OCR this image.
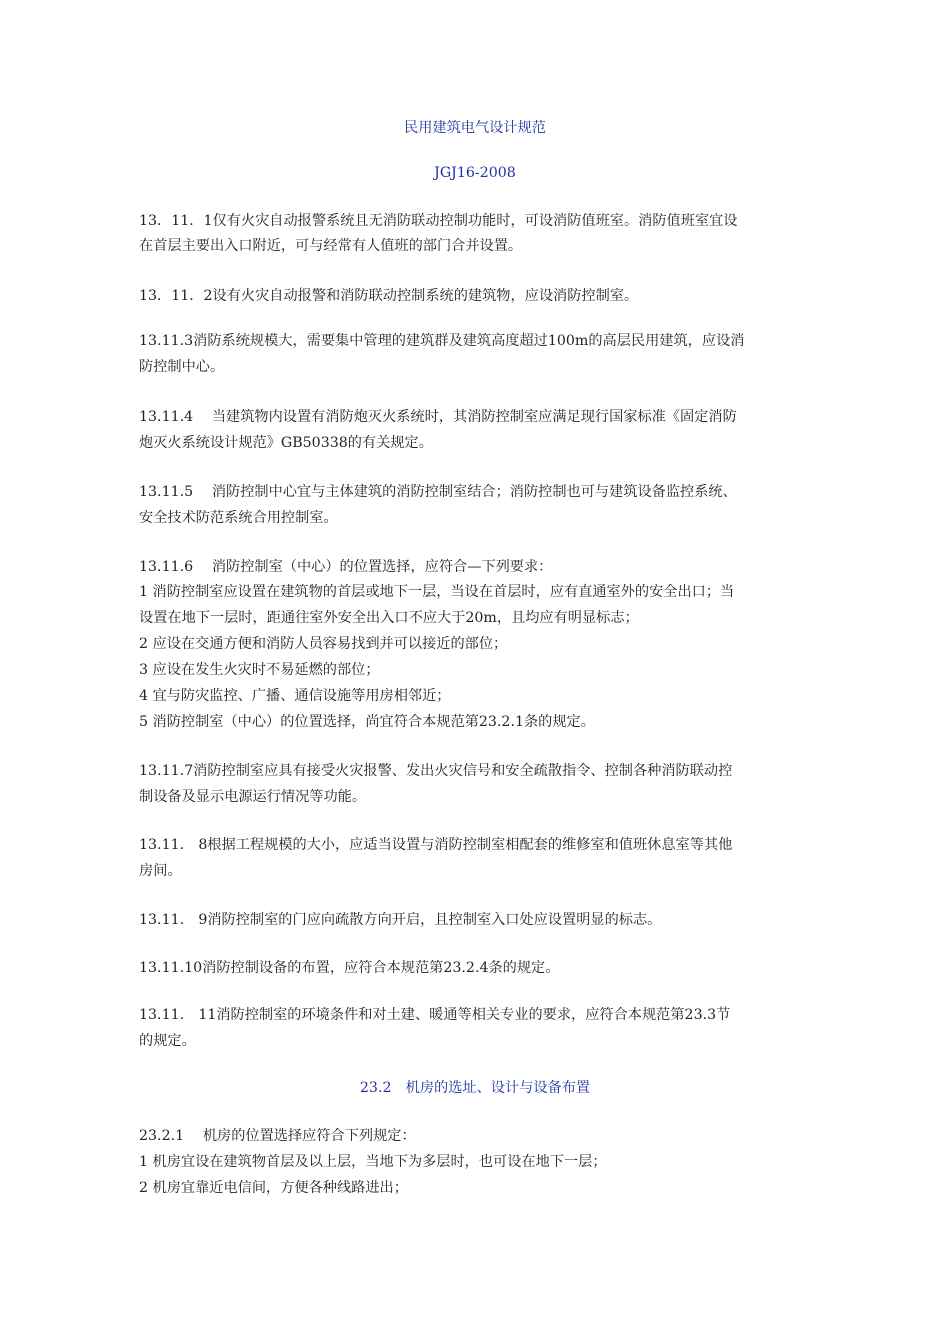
民用建筑电气设计规范
JGJ16-2008
13．11．1仅有火灾自动报警系统且无消防联动控制功能时，可设消防值班室。消防值班室宜设
在首层主要出入口附近，可与经常有人值班的部门合并设置。
13．11．2设有火灾自动报警和消防联动控制系统的建筑物，应设消防控制室。
13.11.3消防系统规模大，需要集中管理的建筑群及建筑高度超过100m的高层民用建筑，应设消
防控制中心。
13.11.4　 当建筑物内设置有消防炮灭火系统时，其消防控制室应满足现行国家标准《固定消防
炮灭火系统设计规范》GB50338的有关规定。
13.11.5　 消防控制中心宜与主体建筑的消防控制室结合；消防控制也可与建筑设备监控系统、
安全技术防范系统合用控制室。
13.11.6　 消防控制室（中心）的位置选择，应符合—下列要求：
1 消防控制室应设置在建筑物的首层或地下一层，当设在首层时，应有直通室外的安全出口；当
设置在地下一层时，距通往室外安全出入口不应大于20m，且均应有明显标志；
2 应设在交通方便和消防人员容易找到并可以接近的部位；
3 应设在发生火灾时不易延燃的部位；
4 宜与防灾监控、广播、通信设施等用房相邻近；
5 消防控制室（中心）的位置选择，尚宜符合本规范第23.2.1条的规定。
13.11.7消防控制室应具有接受火灾报警、发出火灾信号和安全疏散指令、控制各种消防联动控
制设备及显示电源运行情况等功能。
13.11.　8根据工程规模的大小，应适当设置与消防控制室相配套的维修室和值班休息室等其他
房间。
13.11.　9消防控制室的门应向疏散方向开启，且控制室入口处应设置明显的标志。
13.11.10消防控制设备的布置，应符合本规范第23.2.4条的规定。
13.11.　11消防控制室的环境条件和对土建、暖通等相关专业的要求，应符合本规范第23.3节
的规定。
23.2　机房的选址、设计与设备布置
23.2.1　 机房的位置选择应符合下列规定：
1 机房宜设在建筑物首层及以上层，当地下为多层时，也可设在地下一层；
2 机房宜靠近电信间，方便各种线路进出；
